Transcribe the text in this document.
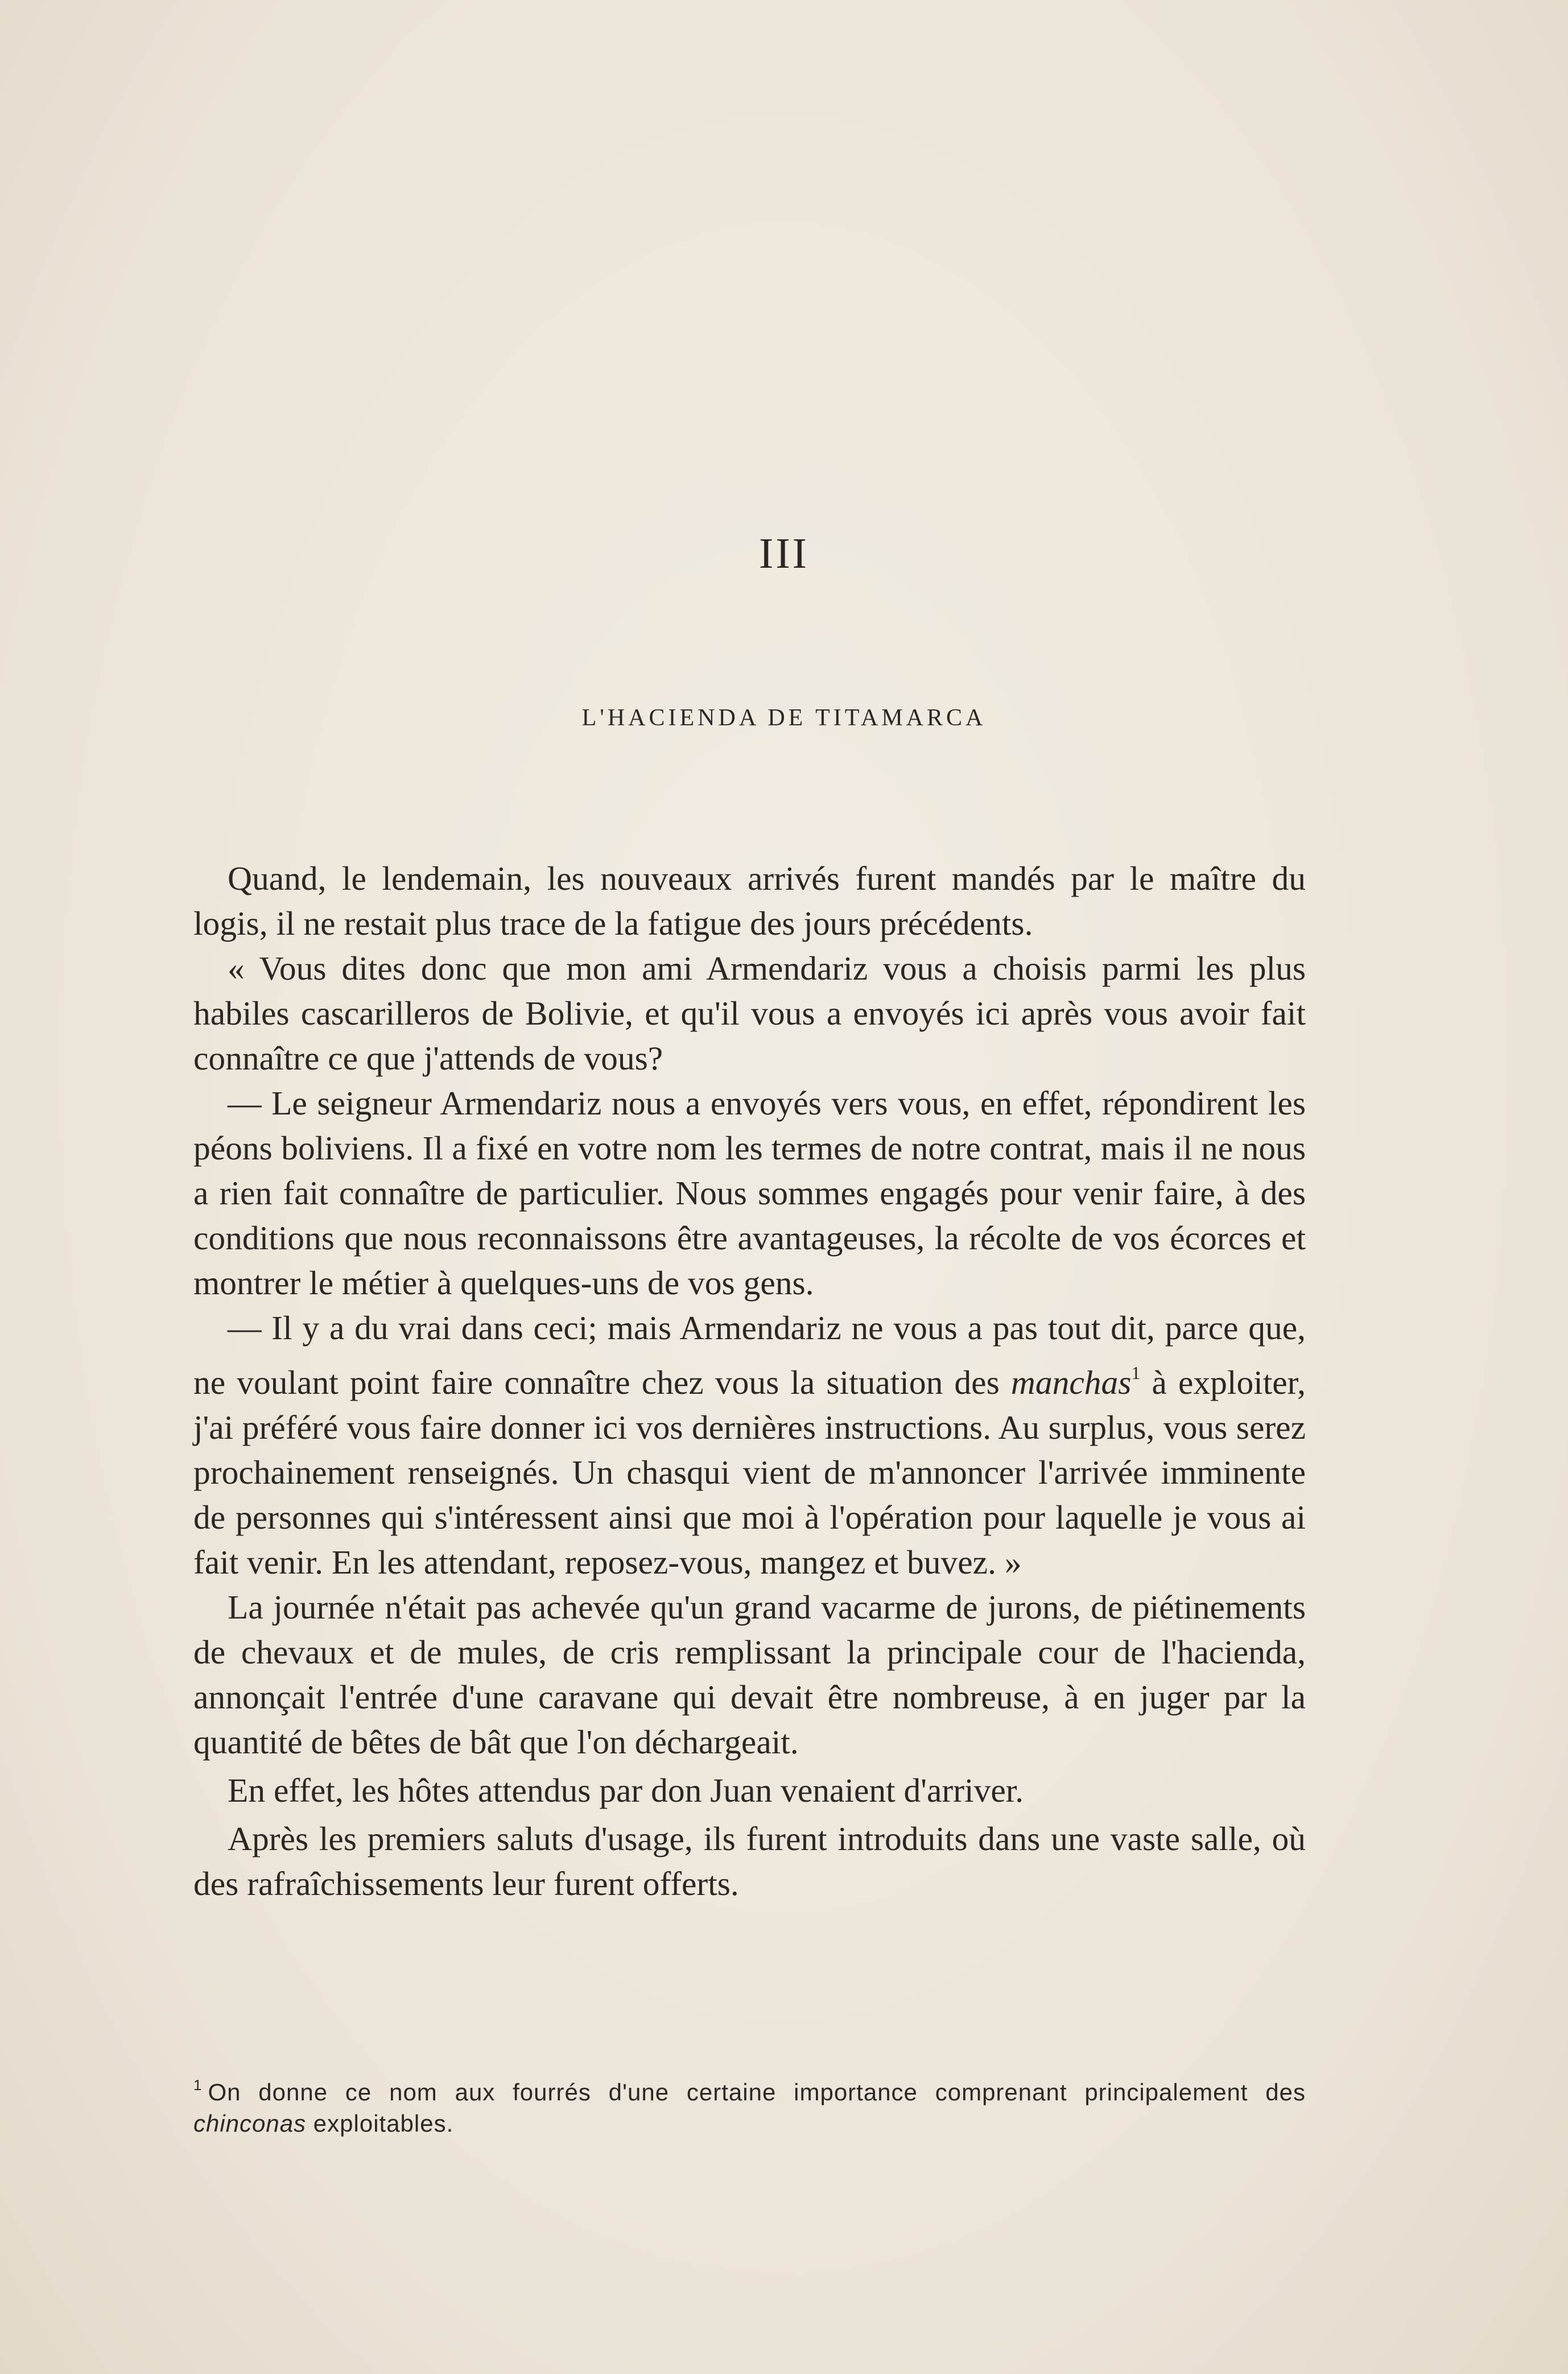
III
L'HACIENDA DE TITAMARCA

Quand, le lendemain, les nouveaux arrivés furent mandés par le maître du logis, il ne restait plus trace de la fatigue des jours précédents.

« Vous dites donc que mon ami Armendariz vous a choisis parmi les plus habiles cascarilleros de Bolivie, et qu'il vous a envoyés ici après vous avoir fait connaître ce que j'attends de vous?

— Le seigneur Armendariz nous a envoyés vers vous, en effet, répondirent les péons boliviens. Il a fixé en votre nom les termes de notre contrat, mais il ne nous a rien fait connaître de particulier. Nous sommes engagés pour venir faire, à des conditions que nous reconnaissons être avantageuses, la récolte de vos écorces et montrer le métier à quelques-uns de vos gens.

— Il y a du vrai dans ceci; mais Armendariz ne vous a pas tout dit, parce que, ne voulant point faire connaître chez vous la situation des manchas$^1$ à exploiter, j'ai préféré vous faire donner ici vos dernières instructions. Au surplus, vous serez prochainement renseignés. Un chasqui vient de m'annoncer l'arrivée imminente de personnes qui s'intéressent ainsi que moi à l'opération pour laquelle je vous ai fait venir. En les attendant, reposez-vous, mangez et buvez. »

La journée n'était pas achevée qu'un grand vacarme de jurons, de piétinements de chevaux et de mules, de cris remplissant la principale cour de l'hacienda, annonçait l'entrée d'une caravane qui devait être nombreuse, à en juger par la quantité de bêtes de bât que l'on déchargeait.

En effet, les hôtes attendus par don Juan venaient d'arriver.

Après les premiers saluts d'usage, ils furent introduits dans une vaste salle, où des rafraîchissements leur furent offerts.

$^1$ On donne ce nom aux fourrés d'une certaine importance comprenant principalement des chinconas exploitables.
